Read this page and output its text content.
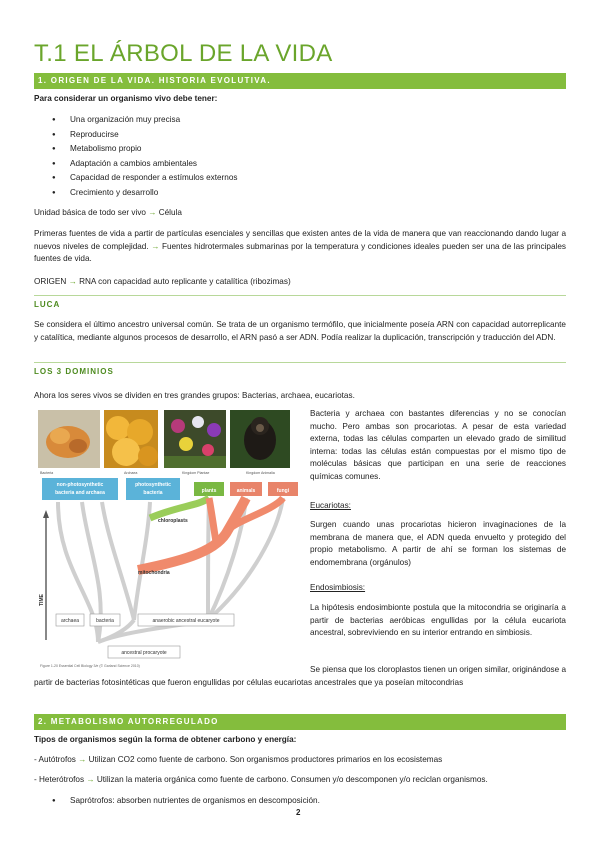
T.1 EL ÁRBOL DE LA VIDA
1. ORIGEN DE LA VIDA. HISTORIA EVOLUTIVA.
Para considerar un organismo vivo debe tener:
● Una organización muy precisa
● Reproducirse
● Metabolismo propio
● Adaptación a cambios ambientales
● Capacidad de responder a estímulos externos
● Crecimiento y desarrollo
Unidad básica de todo ser vivo → Célula
Primeras fuentes de vida a partir de partículas esenciales y sencillas que existen antes de la vida de manera que van reaccionando dando lugar a nuevos niveles de complejidad. → Fuentes hidrotermales submarinas por la temperatura y condiciones ideales pueden ser una de las principales fuentes de vida.
ORIGEN → RNA con capacidad auto replicante y catalítica (ribozimas)
LUCA
Se considera el último ancestro universal común. Se trata de un organismo termófilo, que inicialmente poseía ARN con capacidad autorreplicante y catalítica, mediante algunos procesos de desarrollo, el ARN pasó a ser ADN. Podía realizar la duplicación, transcripción y traducción del ADN.
LOS 3 DOMINIOS
Ahora los seres vivos se dividen en tres grandes grupos: Bacterias, archaea, eucariotas.
Bacteria y archaea con bastantes diferencias y no se conocían mucho. Pero ambas son procariotas. A pesar de esta variedad externa, todas las células comparten un elevado grado de similitud interna: todas las células están compuestas por el mismo tipo de moléculas básicas que participan en una serie de reacciones químicas comunes.
Eucariotas:
Surgen cuando unas procariotas hicieron invaginaciones de la membrana de manera que, el ADN queda envuelto y protegido del propio metabolismo. A partir de ahí se forman los sistemas de endomembrana (orgánulos)
Endosimbiosis:
La hipótesis endosimbionte postula que la mitocondria se originaría a partir de bacterias aeróbicas engullidas por la célula eucariota ancestral, sobreviviendo en su interior entrando en simbiosis.
Se piensa que los cloroplastos tienen un origen similar, originándose a partir de bacterias fotosintéticas que fueron engullidas por células eucariotas ancestrales que ya poseían mitocondrias
Bacteria	Archaea	Kingdom Plantae	Kingdom Animalia
non-photosynthetic
bacteria and archaea
photosynthetic
bacteria	plants	animals	fungi
chloroplasts
mitochondria
TIME
archaea	bacteria	anaerobic ancestral eucaryote
ancestral procaryote
Figure 1-20 Essential Cell Biology 3/e (© Garland Science 2010)
2. METABOLISMO AUTORREGULADO
Tipos de organismos según la forma de obtener carbono y energía:
- Autótrofos → Utilizan CO2 como fuente de carbono. Son organismos productores primarios en los ecosistemas
- Heterótrofos → Utilizan la materia orgánica como fuente de carbono. Consumen y/o descomponen y/o reciclan organismos.
● Saprótrofos: absorben nutrientes de organismos en descomposición.
2
